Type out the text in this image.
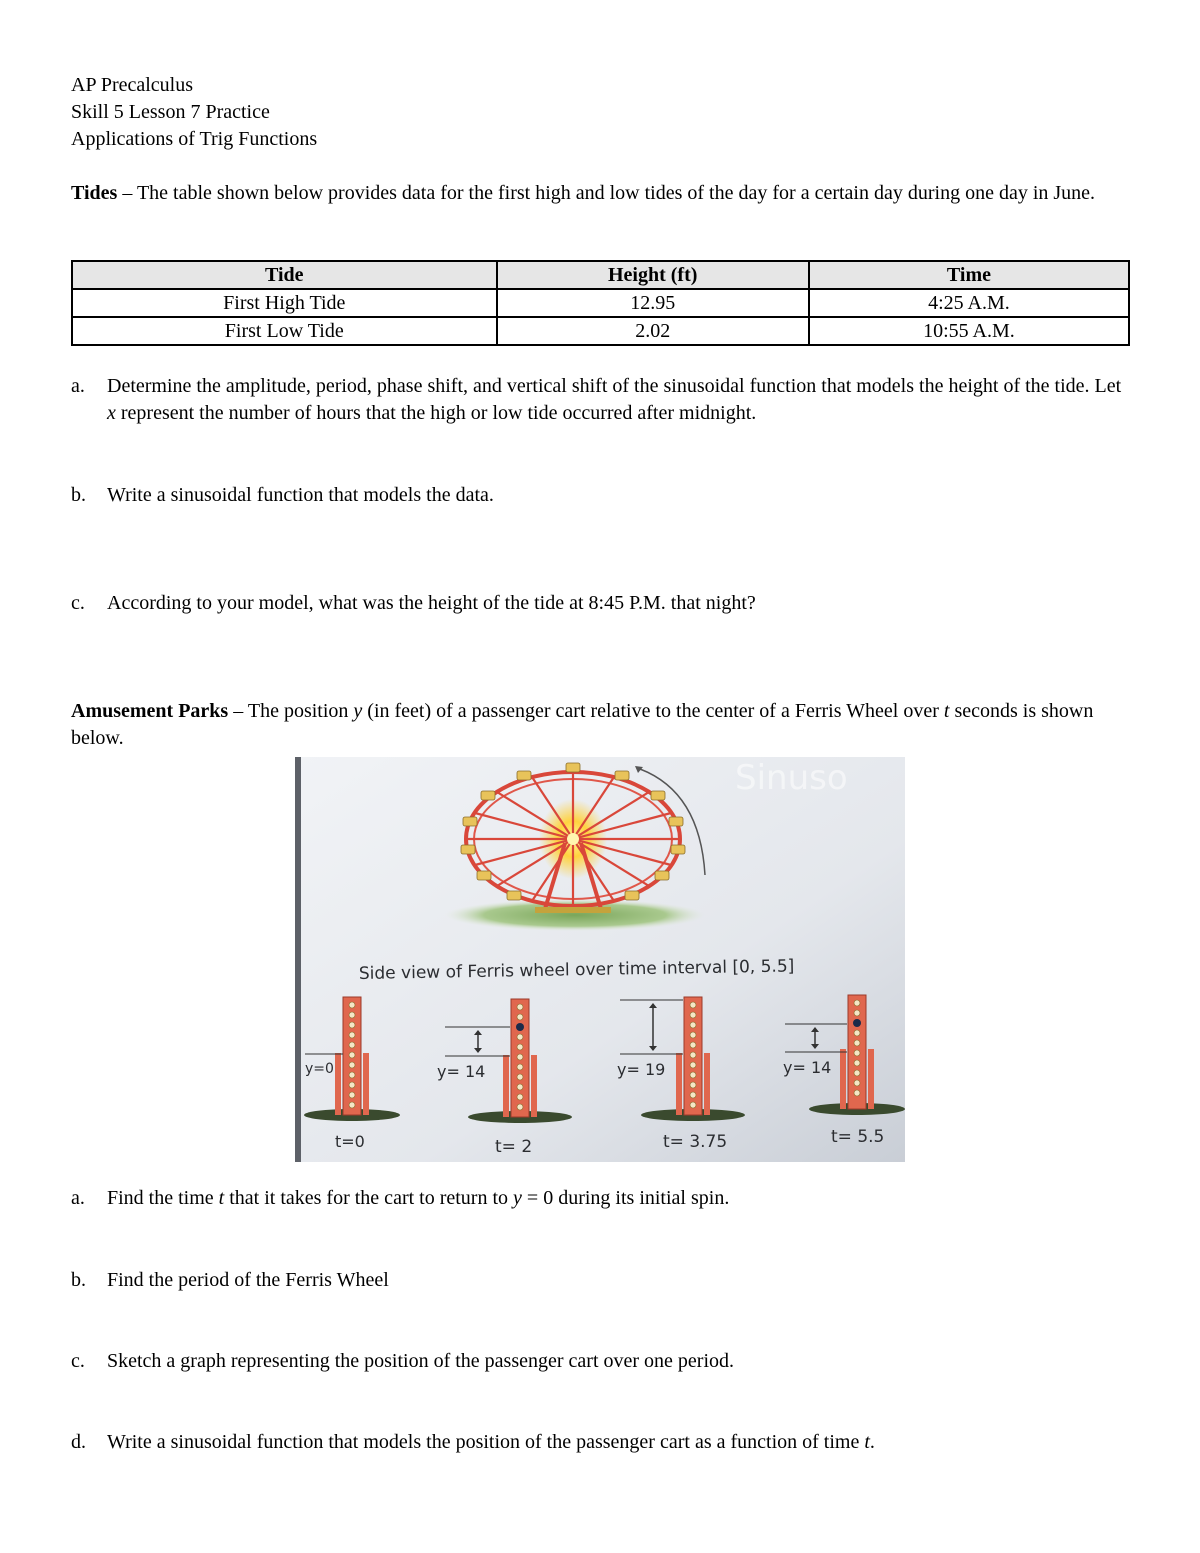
AP Precalculus
Skill 5 Lesson 7 Practice
Applications of Trig Functions
Tides – The table shown below provides data for the first high and low tides of the day for a certain day during one day in June.
Tide	Height (ft)	Time
First High Tide	12.95	4:25 A.M.
First Low Tide	2.02	10:55 A.M.
a. Determine the amplitude, period, phase shift, and vertical shift of the sinusoidal function that models the height of the tide. Let x represent the number of hours that the high or low tide occurred after midnight.
b. Write a sinusoidal function that models the data.
c. According to your model, what was the height of the tide at 8:45 P.M. that night?
Amusement Parks – The position y (in feet) of a passenger cart relative to the center of a Ferris Wheel over t seconds is shown below.
Sinuso
Side view of Ferris wheel over time interval [0, 5.5]
y=0
t=0
y= 14
t= 2
y= 19
t= 3.75
y= 14
t= 5.5
a. Find the time t that it takes for the cart to return to y = 0 during its initial spin.
b. Find the period of the Ferris Wheel
c. Sketch a graph representing the position of the passenger cart over one period.
d. Write a sinusoidal function that models the position of the passenger cart as a function of time t.
